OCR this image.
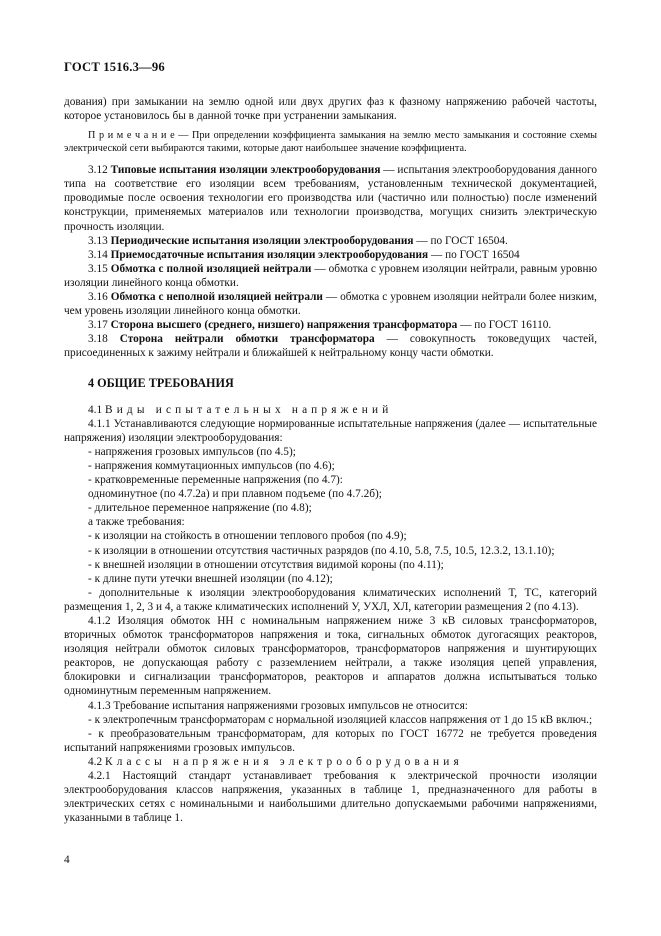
ГОСТ 1516.3—96

дования) при замыкании на землю одной или двух других фаз к фазному напряжению рабочей частоты, которое установилось бы в данной точке при устранении замыкания.

П р и м е ч а н и е — При определении коэффициента замыкания на землю место замыкания и состояние схемы электрической сети выбираются такими, которые дают наибольшее значение коэффициента.

3.12 Типовые испытания изоляции электрооборудования — испытания электрооборудования данного типа на соответствие его изоляции всем требованиям, установленным технической документацией, проводимые после освоения технологии его производства или (частично или полностью) после изменений конструкции, применяемых материалов или технологии производства, могущих снизить электрическую прочность изоляции.

3.13 Периодические испытания изоляции электрооборудования — по ГОСТ 16504.

3.14 Приемосдаточные испытания изоляции электрооборудования — по ГОСТ 16504

3.15 Обмотка с полной изоляцией нейтрали — обмотка с уровнем изоляции нейтрали, равным уровню изоляции линейного конца обмотки.

3.16 Обмотка с неполной изоляцией нейтрали — обмотка с уровнем изоляции нейтрали более низким, чем уровень изоляции линейного конца обмотки.

3.17 Сторона высшего (среднего, низшего) напряжения трансформатора — по ГОСТ 16110.

3.18 Сторона нейтрали обмотки трансформатора — совокупность токоведущих частей, присоединенных к зажиму нейтрали и ближайшей к нейтральному концу части обмотки.

4 ОБЩИЕ ТРЕБОВАНИЯ

4.1 Виды испытательных напряжений

4.1.1 Устанавливаются следующие нормированные испытательные напряжения (далее — испытательные напряжения) изоляции электрооборудования:

- напряжения грозовых импульсов (по 4.5);

- напряжения коммутационных импульсов (по 4.6);

- кратковременные переменные напряжения (по 4.7):

одноминутное (по 4.7.2а) и при плавном подъеме (по 4.7.2б);

- длительное переменное напряжение (по 4.8);

а также требования:

- к изоляции на стойкость в отношении теплового пробоя (по 4.9);

- к изоляции в отношении отсутствия частичных разрядов (по 4.10, 5.8, 7.5, 10.5, 12.3.2, 13.1.10);

- к внешней изоляции в отношении отсутствия видимой короны (по 4.11);

- к длине пути утечки внешней изоляции (по 4.12);

- дополнительные к изоляции электрооборудования климатических исполнений Т, ТС, категорий размещения 1, 2, 3 и 4, а также климатических исполнений У, УХЛ, ХЛ, категории размещения 2 (по 4.13).

4.1.2 Изоляция обмоток НН с номинальным напряжением ниже 3 кВ силовых трансформаторов, вторичных обмоток трансформаторов напряжения и тока, сигнальных обмоток дугогасящих реакторов, изоляция нейтрали обмоток силовых трансформаторов, трансформаторов напряжения и шунтирующих реакторов, не допускающая работу с разземлением нейтрали, а также изоляция цепей управления, блокировки и сигнализации трансформаторов, реакторов и аппаратов должна испытываться только одноминутным переменным напряжением.

4.1.3 Требование испытания напряжениями грозовых импульсов не относится:

- к электропечным трансформаторам с нормальной изоляцией классов напряжения от 1 до 15 кВ включ.;

- к преобразовательным трансформаторам, для которых по ГОСТ 16772 не требуется проведения испытаний напряжениями грозовых импульсов.

4.2 Классы напряжения электрооборудования

4.2.1 Настоящий стандарт устанавливает требования к электрической прочности изоляции электрооборудования классов напряжения, указанных в таблице 1, предназначенного для работы в электрических сетях с номинальными и наибольшими длительно допускаемыми рабочими напряжениями, указанными в таблице 1.

4
